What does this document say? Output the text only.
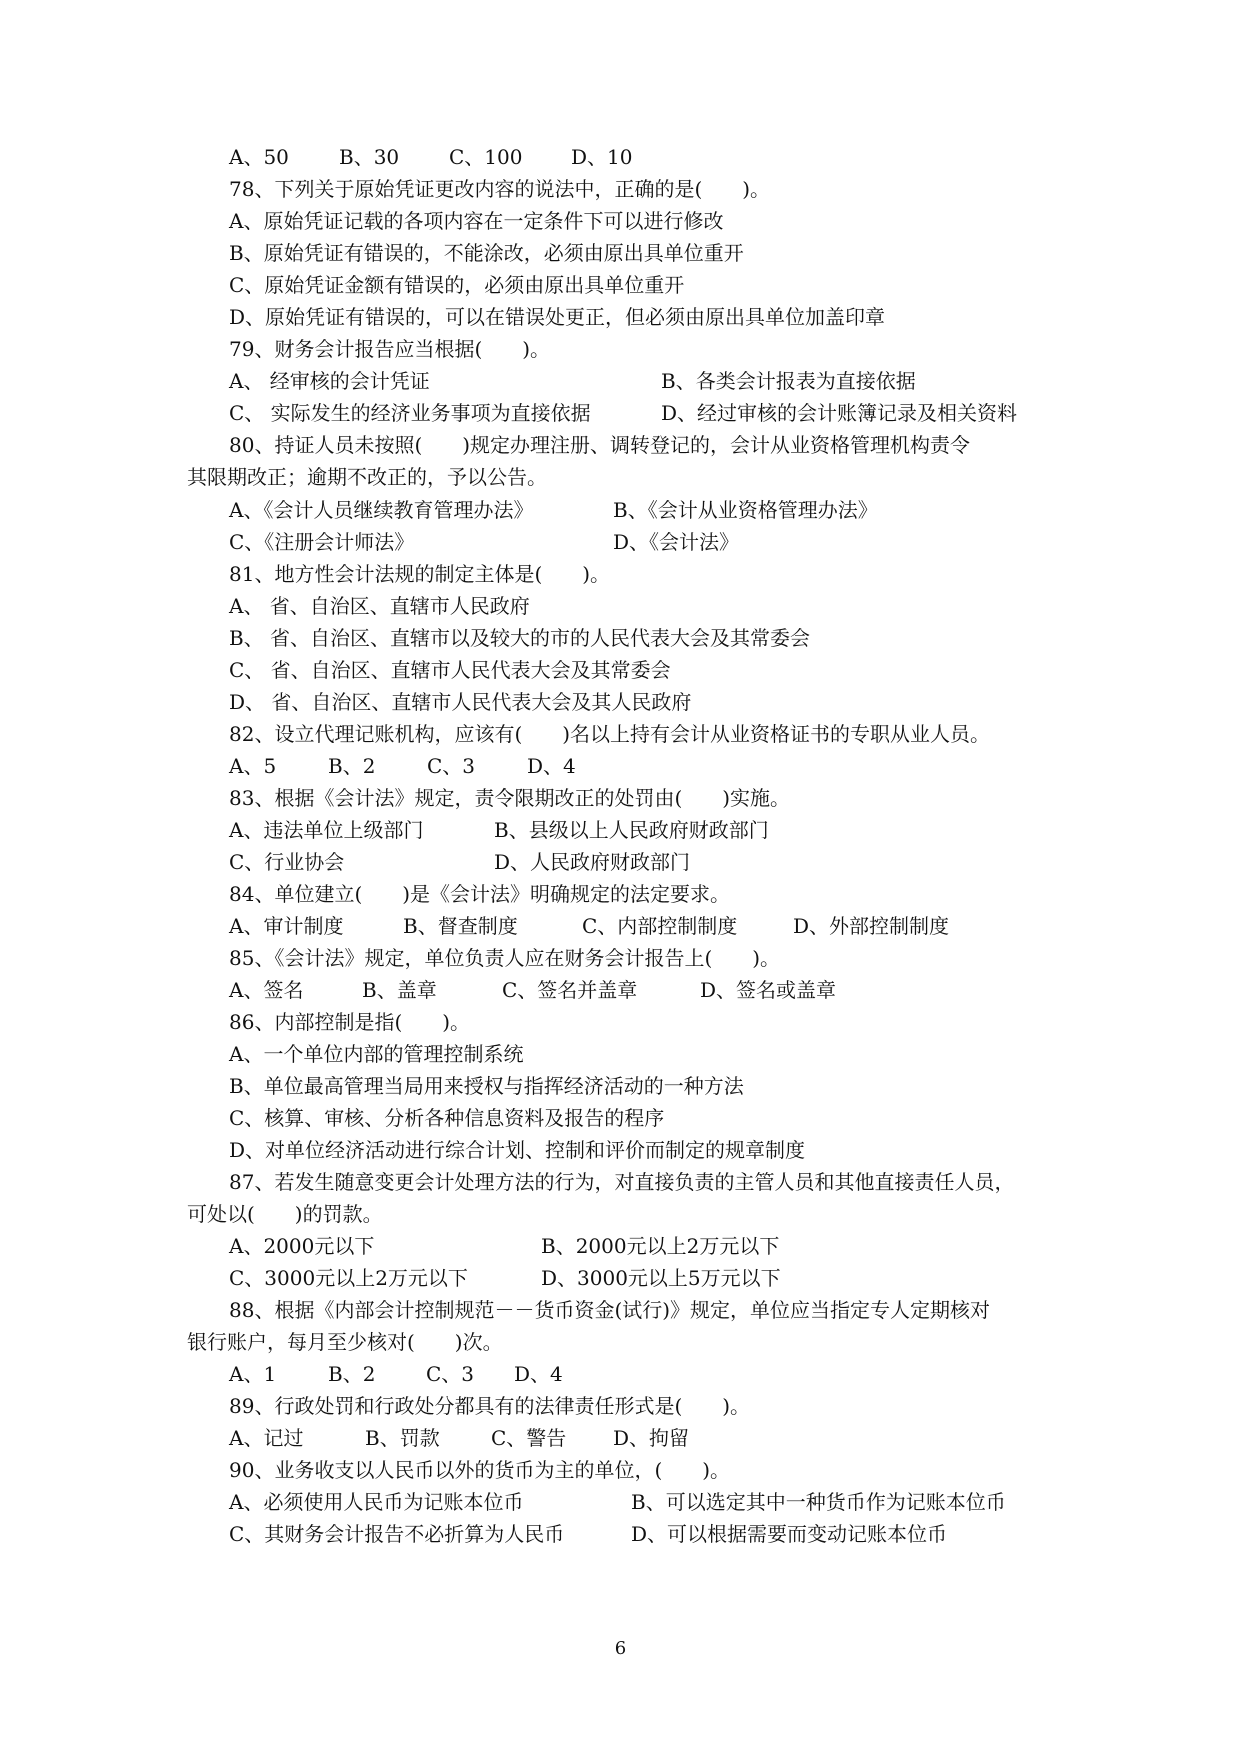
A、50	B、30 C、100 D、10
78、下列关于原始凭证更改内容的说法中，正确的是(　　)。
A、原始凭证记载的各项内容在一定条件下可以进行修改
B、原始凭证有错误的，不能涂改，必须由原出具单位重开
C、原始凭证金额有错误的，必须由原出具单位重开
D、原始凭证有错误的，可以在错误处更正，但必须由原出具单位加盖印章
79、财务会计报告应当根据(　　)。
A、 经审核的会计凭证	B、各类会计报表为直接依据
C、 实际发生的经济业务事项为直接依据	D、经过审核的会计账簿记录及相关资料
80、持证人员未按照(　　)规定办理注册、调转登记的，会计从业资格管理机构责令
其限期改正；逾期不改正的，予以公告。
A、《会计人员继续教育管理办法》	B、《会计从业资格管理办法》
C、《注册会计师法》	D、《会计法》
81、地方性会计法规的制定主体是(　　)。
A、 省、自治区、直辖市人民政府
B、 省、自治区、直辖市以及较大的市的人民代表大会及其常委会
C、 省、自治区、直辖市人民代表大会及其常委会
D、 省、自治区、直辖市人民代表大会及其人民政府
82、设立代理记账机构，应该有(　　)名以上持有会计从业资格证书的专职从业人员。
A、5	B、2	C、3	D、4
83、根据《会计法》规定，责令限期改正的处罚由(　　)实施。
A、违法单位上级部门	B、县级以上人民政府财政部门
C、行业协会	D、人民政府财政部门
84、单位建立(　　)是《会计法》明确规定的法定要求。
A、审计制度	B、督查制度	C、内部控制制度	D、外部控制制度
85、《会计法》规定，单位负责人应在财务会计报告上(　　)。
A、签名	B、盖章	C、签名并盖章	D、签名或盖章
86、内部控制是指(　　)。
A、一个单位内部的管理控制系统
B、单位最高管理当局用来授权与指挥经济活动的一种方法
C、核算、审核、分析各种信息资料及报告的程序
D、对单位经济活动进行综合计划、控制和评价而制定的规章制度
87、若发生随意变更会计处理方法的行为，对直接负责的主管人员和其他直接责任人员，
可处以(　　)的罚款。
A、2000元以下	B、2000元以上2万元以下
C、3000元以上2万元以下	D、3000元以上5万元以下
88、根据《内部会计控制规范－－货币资金(试行)》规定，单位应当指定专人定期核对
银行账户，每月至少核对(　　)次。
A、1	B、2	C、3 D、4
89、行政处罚和行政处分都具有的法律责任形式是(　　)。
A、记过	B、罚款	C、警告 D、拘留
90、业务收支以人民币以外的货币为主的单位，(　　)。
A、必须使用人民币为记账本位币	B、可以选定其中一种货币作为记账本位币
C、其财务会计报告不必折算为人民币	D、可以根据需要而变动记账本位币
6
